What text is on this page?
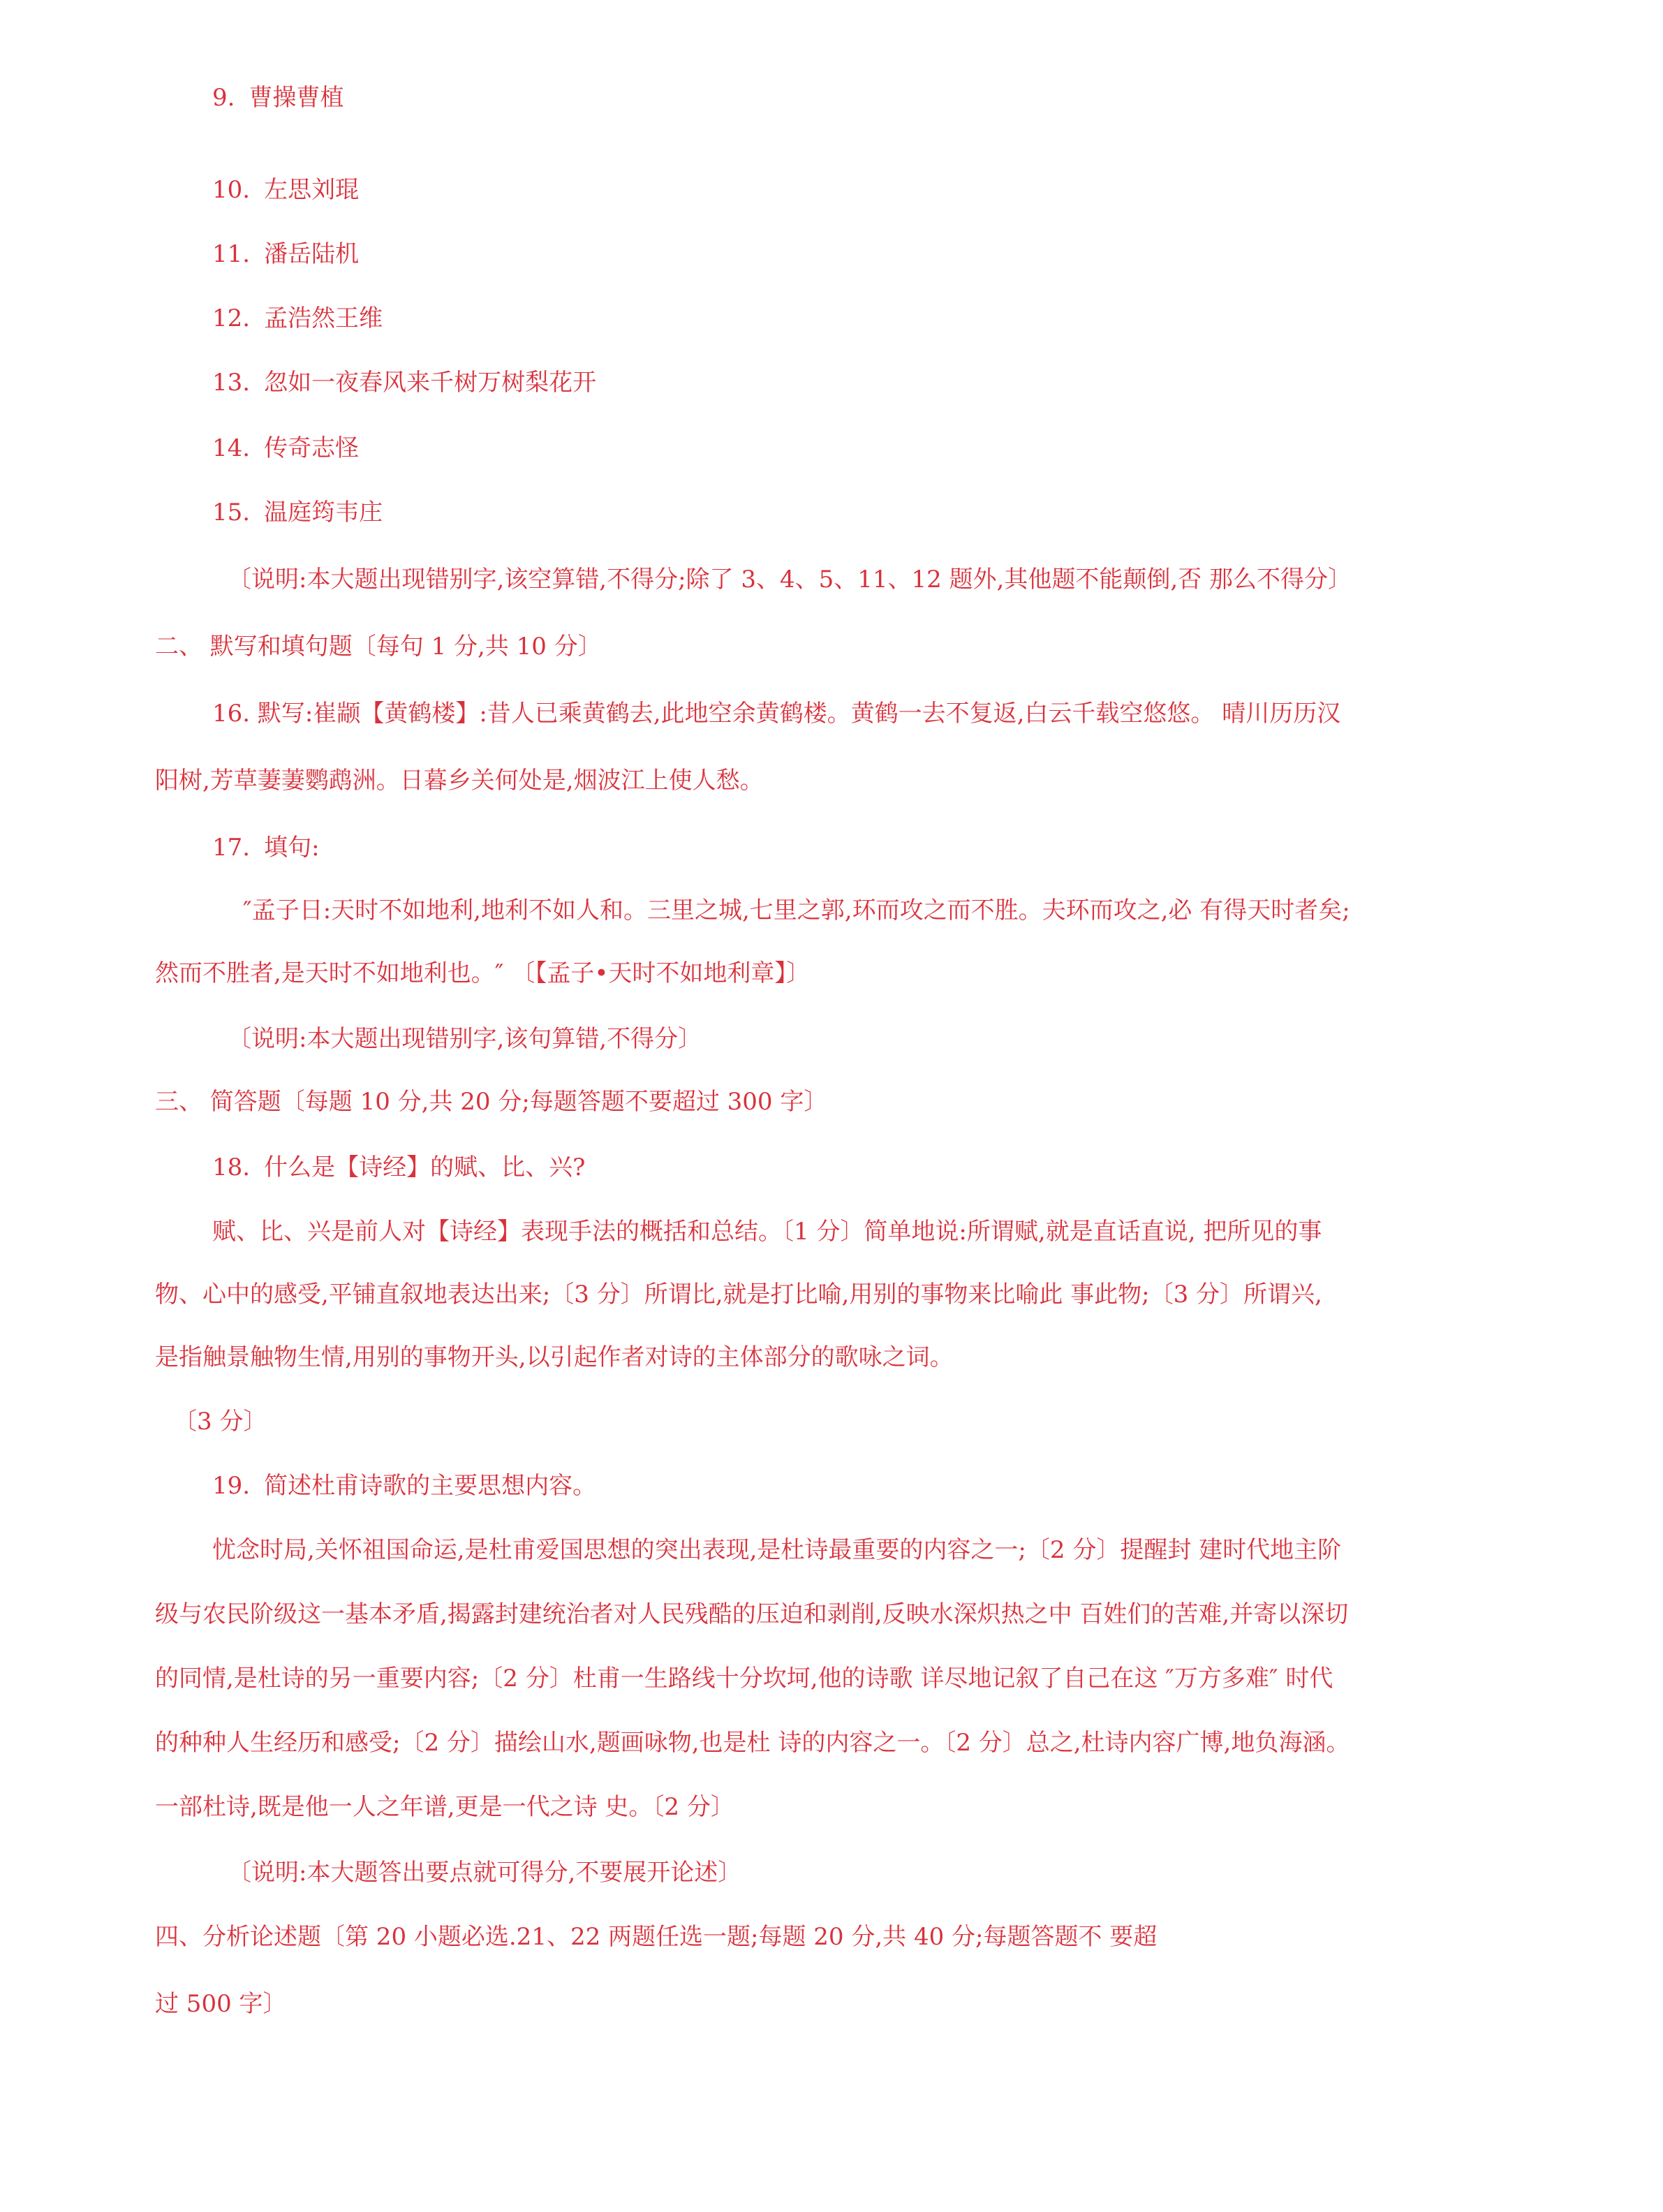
9. 曹操曹植
10. 左思刘琨
11. 潘岳陆机
12. 孟浩然王维
13. 忽如一夜春风来千树万树梨花开
14. 传奇志怪
15. 温庭筠韦庄
〔说明:本大题出现错别字,该空算错,不得分;除了 3、4、5、11、12 题外,其他题不能颠倒,否 那么不得分〕
二、 默写和填句题〔每句 1 分,共 10 分〕
16. 默写:崔颛【黄鹤楼】:昔人已乘黄鹤去,此地空余黄鹤楼。黄鹤一去不复返,白云千载空悠悠。 晴川历历汉
阳树,芳草萋萋鹦鹉洲。日暮乡关何处是,烟波江上使人愁。
17. 填句:
″孟子日:天时不如地利,地利不如人和。三里之城,七里之郭,环而攻之而不胜。夫环而攻之,必 有得天时者矣;
然而不胜者,是天时不如地利也。″ 〔【孟子•天时不如地利章】〕
〔说明:本大题出现错别字,该句算错,不得分〕
三、 简答题〔每题 10 分,共 20 分;每题答题不要超过 300 字〕
18. 什么是【诗经】的赋、比、兴?
赋、比、兴是前人对【诗经】表现手法的概括和总结。〔1 分〕简单地说:所谓赋,就是直话直说, 把所见的事
物、心中的感受,平铺直叙地表达出来;〔3 分〕所谓比,就是打比喻,用别的事物来比喻此 事此物;〔3 分〕所谓兴,
是指触景触物生情,用别的事物开头,以引起作者对诗的主体部分的歌咏之词。
〔3 分〕
19. 简述杜甫诗歌的主要思想内容。
忧念时局,关怀祖国命运,是杜甫爱国思想的突出表现,是杜诗最重要的内容之一;〔2 分〕提醒封 建时代地主阶
级与农民阶级这一基本矛盾,揭露封建统治者对人民残酷的压迫和剥削,反映水深炽热之中 百姓们的苦难,并寄以深切
的同情,是杜诗的另一重要内容;〔2 分〕杜甫一生路线十分坎坷,他的诗歌 详尽地记叙了自己在这 ″万方多难″ 时代
的种种人生经历和感受;〔2 分〕描绘山水,题画咏物,也是杜 诗的内容之一。〔2 分〕总之,杜诗内容广博,地负海涵。
一部杜诗,既是他一人之年谱,更是一代之诗 史。〔2 分〕
〔说明:本大题答出要点就可得分,不要展开论述〕
四、分析论述题〔第 20 小题必选.21、22 两题任选一题;每题 20 分,共 40 分;每题答题不 要超
过 500 字〕
